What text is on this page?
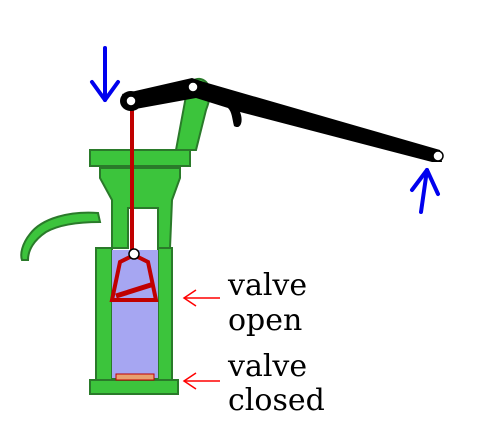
valve
open
valve
closed
